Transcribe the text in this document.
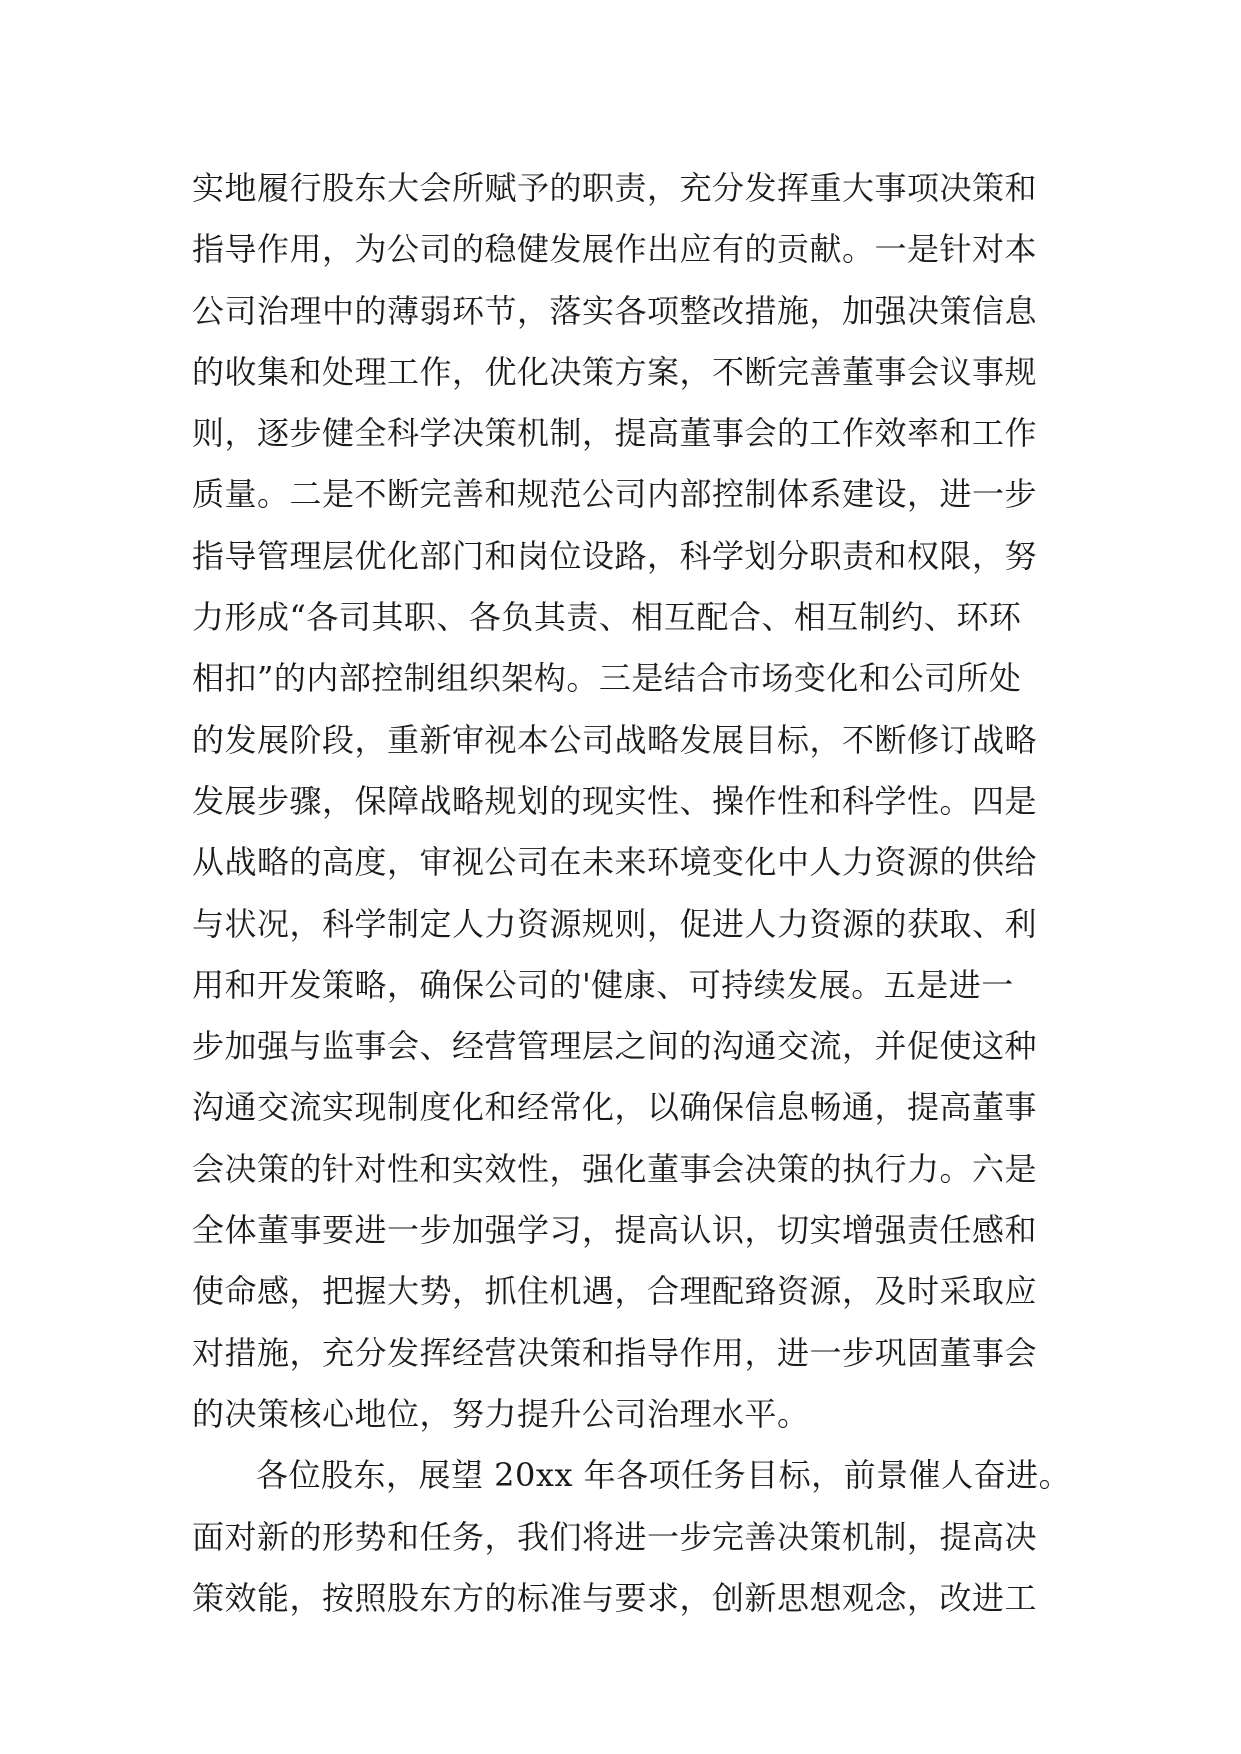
实地履行股东大会所赋予的职责，充分发挥重大事项决策和
指导作用，为公司的稳健发展作出应有的贡献。一是针对本
公司治理中的薄弱环节，落实各项整改措施，加强决策信息
的收集和处理工作，优化决策方案，不断完善董事会议事规
则，逐步健全科学决策机制，提高董事会的工作效率和工作
质量。二是不断完善和规范公司内部控制体系建设，进一步
指导管理层优化部门和岗位设路，科学划分职责和权限，努
力形成“各司其职、各负其责、相互配合、相互制约、环环
相扣”的内部控制组织架构。三是结合市场变化和公司所处
的发展阶段，重新审视本公司战略发展目标，不断修订战略
发展步骤，保障战略规划的现实性、操作性和科学性。四是
从战略的高度，审视公司在未来环境变化中人力资源的供给
与状况，科学制定人力资源规则，促进人力资源的获取、利
用和开发策略，确保公司的'健康、可持续发展。五是进一
步加强与监事会、经营管理层之间的沟通交流，并促使这种
沟通交流实现制度化和经常化，以确保信息畅通，提高董事
会决策的针对性和实效性，强化董事会决策的执行力。六是
全体董事要进一步加强学习，提高认识，切实增强责任感和
使命感，把握大势，抓住机遇，合理配臵资源，及时采取应
对措施，充分发挥经营决策和指导作用，进一步巩固董事会
的决策核心地位，努力提升公司治理水平。
各位股东，展望 20xx 年各项任务目标，前景催人奋进。
面对新的形势和任务，我们将进一步完善决策机制，提高决
策效能，按照股东方的标准与要求，创新思想观念，改进工
